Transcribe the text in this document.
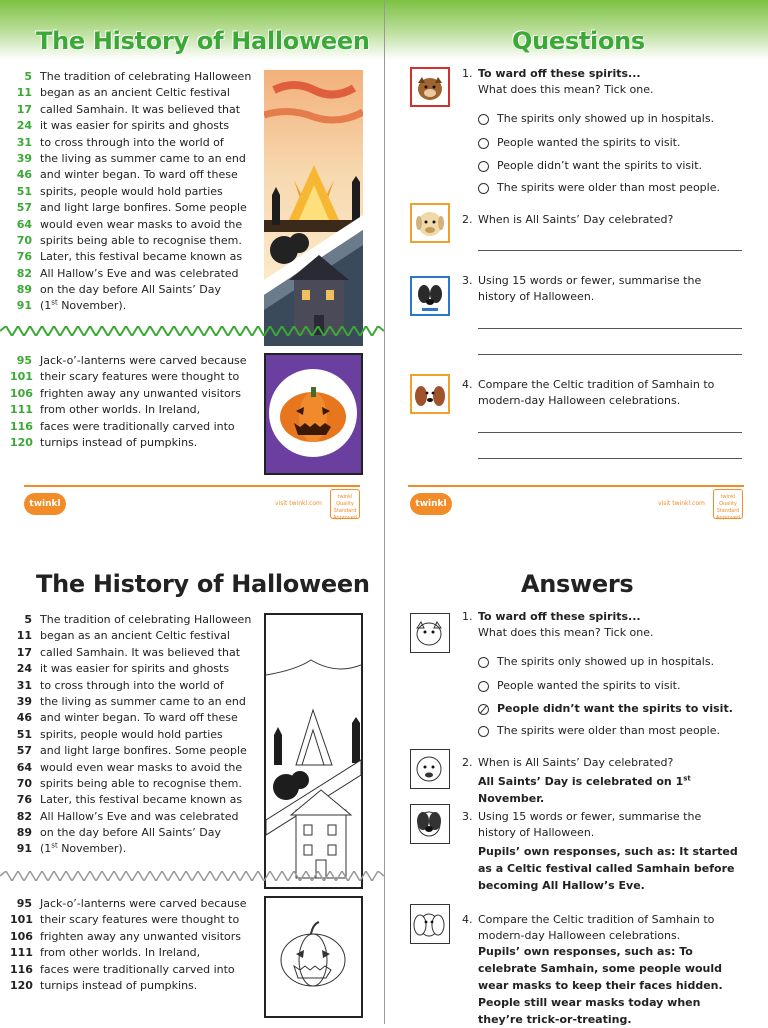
The History of Halloween
5 The tradition of celebrating Halloween
11 began as an ancient Celtic festival
17 called Samhain. It was believed that
24 it was easier for spirits and ghosts
31 to cross through into the world of
39 the living as summer came to an end
46 and winter began. To ward off these
51 spirits, people would hold parties
57 and light large bonfires. Some people
64 would even wear masks to avoid the
70 spirits being able to recognise them.
76 Later, this festival became known as
82 All Hallow’s Eve and was celebrated
89 on the day before All Saints’ Day
91 (1st November).
95 Jack-o’-lanterns were carved because
101 their scary features were thought to
106 frighten away any unwanted visitors
111 from other worlds. In Ireland,
116 faces were traditionally carved into
120 turnips instead of pumpkins.
twinkl	visit twinkl.com
twinkl Quality Standard Approved
Questions
1. To ward off these spirits...
What does this mean? Tick one.
The spirits only showed up in hospitals.
People wanted the spirits to visit.
People didn’t want the spirits to visit.
The spirits were older than most people.
2. When is All Saints’ Day celebrated?
3. Using 15 words or fewer, summarise the history of Halloween.
4. Compare the Celtic tradition of Samhain to modern-day Halloween celebrations.
twinkl	visit twinkl.com
twinkl Quality Standard Approved
The History of Halloween
5 The tradition of celebrating Halloween
11 began as an ancient Celtic festival
17 called Samhain. It was believed that
24 it was easier for spirits and ghosts
31 to cross through into the world of
39 the living as summer came to an end
46 and winter began. To ward off these
51 spirits, people would hold parties
57 and light large bonfires. Some people
64 would even wear masks to avoid the
70 spirits being able to recognise them.
76 Later, this festival became known as
82 All Hallow’s Eve and was celebrated
89 on the day before All Saints’ Day
91 (1st November).
95 Jack-o’-lanterns were carved because
101 their scary features were thought to
106 frighten away any unwanted visitors
111 from other worlds. In Ireland,
116 faces were traditionally carved into
120 turnips instead of pumpkins.
Answers
1. To ward off these spirits...
What does this mean? Tick one.
The spirits only showed up in hospitals.
People wanted the spirits to visit.
People didn’t want the spirits to visit.
The spirits were older than most people.
2. When is All Saints’ Day celebrated?
All Saints’ Day is celebrated on 1st November.
3. Using 15 words or fewer, summarise the history of Halloween.
Pupils’ own responses, such as: It started as a Celtic festival called Samhain before becoming All Hallow’s Eve.
4. Compare the Celtic tradition of Samhain to modern-day Halloween celebrations.
Pupils’ own responses, such as: To celebrate Samhain, some people would wear masks to keep their faces hidden. People still wear masks today when they’re trick-or-treating.
